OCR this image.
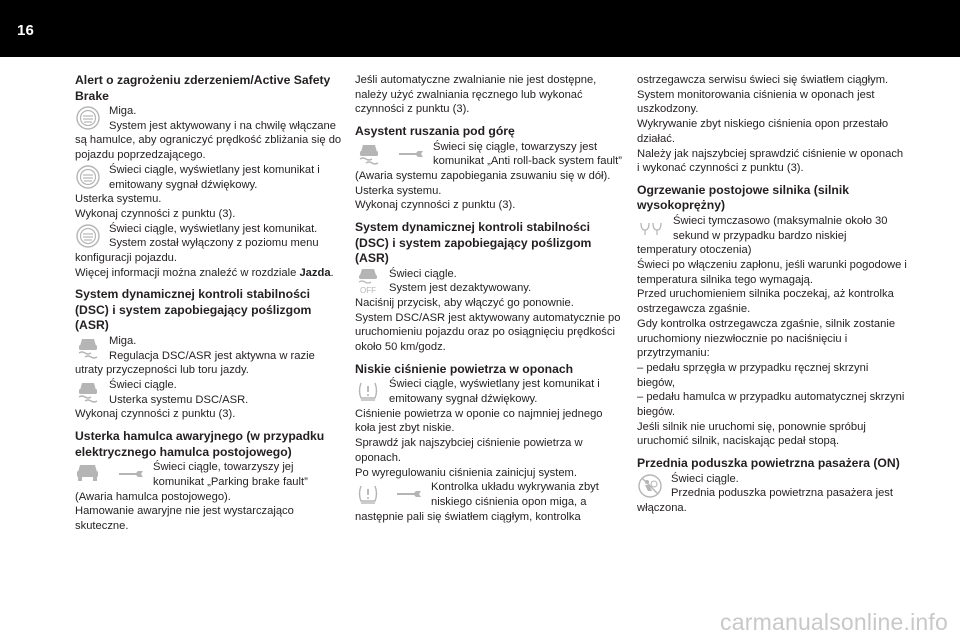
16
Alert o zagrożeniu zderzeniem/Active Safety Brake

Miga.

System jest aktywowany i na chwilę włączane są hamulce, aby ograniczyć prędkość zbliżania się do pojazdu poprzedzającego.

Świeci ciągle, wyświetlany jest komunikat i emitowany sygnał dźwiękowy.

Usterka systemu.

Wykonaj czynności z punktu (3).

Świeci ciągle, wyświetlany jest komunikat.

System został wyłączony z poziomu menu konfiguracji pojazdu.

Więcej informacji można znaleźć w rozdziale Jazda.

System dynamicznej kontroli stabilności (DSC) i system zapobiegający poślizgom (ASR)

Miga.

Regulacja DSC/ASR jest aktywna w razie utraty przyczepności lub toru jazdy.

Świeci ciągle.

Usterka systemu DSC/ASR.

Wykonaj czynności z punktu (3).

Usterka hamulca awaryjnego (w przypadku elektrycznego hamulca postojowego)

Świeci ciągle, towarzyszy jej komunikat „Parking brake fault” (Awaria hamulca postojowego).

Hamowanie awaryjne nie jest wystarczająco skuteczne.

Jeśli automatyczne zwalnianie nie jest dostępne, należy użyć zwalniania ręcznego lub wykonać czynności z punktu (3).

Asystent ruszania pod górę

Świeci się ciągle, towarzyszy jest komunikat „Anti roll-back system fault” (Awaria systemu zapobiegania zsuwaniu się w dół).

Usterka systemu.

Wykonaj czynności z punktu (3).

System dynamicznej kontroli stabilności (DSC) i system zapobiegający poślizgom (ASR)
OFF

Świeci ciągle.

System jest dezaktywowany.

Naciśnij przycisk, aby włączyć go ponownie.

System DSC/ASR jest aktywowany automatycznie po uruchomieniu pojazdu oraz po osiągnięciu prędkości około 50 km/godz.

Niskie ciśnienie powietrza w oponach

Świeci ciągle, wyświetlany jest komunikat i emitowany sygnał dźwiękowy.

Ciśnienie powietrza w oponie co najmniej jednego koła jest zbyt niskie.

Sprawdź jak najszybciej ciśnienie powietrza w oponach.

Po wyregulowaniu ciśnienia zainicjuj system.

Kontrolka układu wykrywania zbyt niskiego ciśnienia opon miga, a następnie pali się światłem ciągłym, kontrolka

ostrzegawcza serwisu świeci się światłem ciągłym.

System monitorowania ciśnienia w oponach jest uszkodzony.

Wykrywanie zbyt niskiego ciśnienia opon przestało działać.

Należy jak najszybciej sprawdzić ciśnienie w oponach i wykonać czynności z punktu (3).

Ogrzewanie postojowe silnika (silnik wysokoprężny)

Świeci tymczasowo (maksymalnie około 30 sekund w przypadku bardzo niskiej temperatury otoczenia)

Świeci po włączeniu zapłonu, jeśli warunki pogodowe i temperatura silnika tego wymagają.

Przed uruchomieniem silnika poczekaj, aż kontrolka ostrzegawcza zgaśnie.

Gdy kontrolka ostrzegawcza zgaśnie, silnik zostanie uruchomiony niezwłocznie po naciśnięciu i przytrzymaniu:

– pedału sprzęgła w przypadku ręcznej skrzyni biegów,

– pedału hamulca w przypadku automatycznej skrzyni biegów.

Jeśli silnik nie uruchomi się, ponownie spróbuj uruchomić silnik, naciskając pedał stopą.

Przednia poduszka powietrzna pasażera (ON)

Świeci ciągle.

Przednia poduszka powietrzna pasażera jest włączona.

carmanualsonline.info
